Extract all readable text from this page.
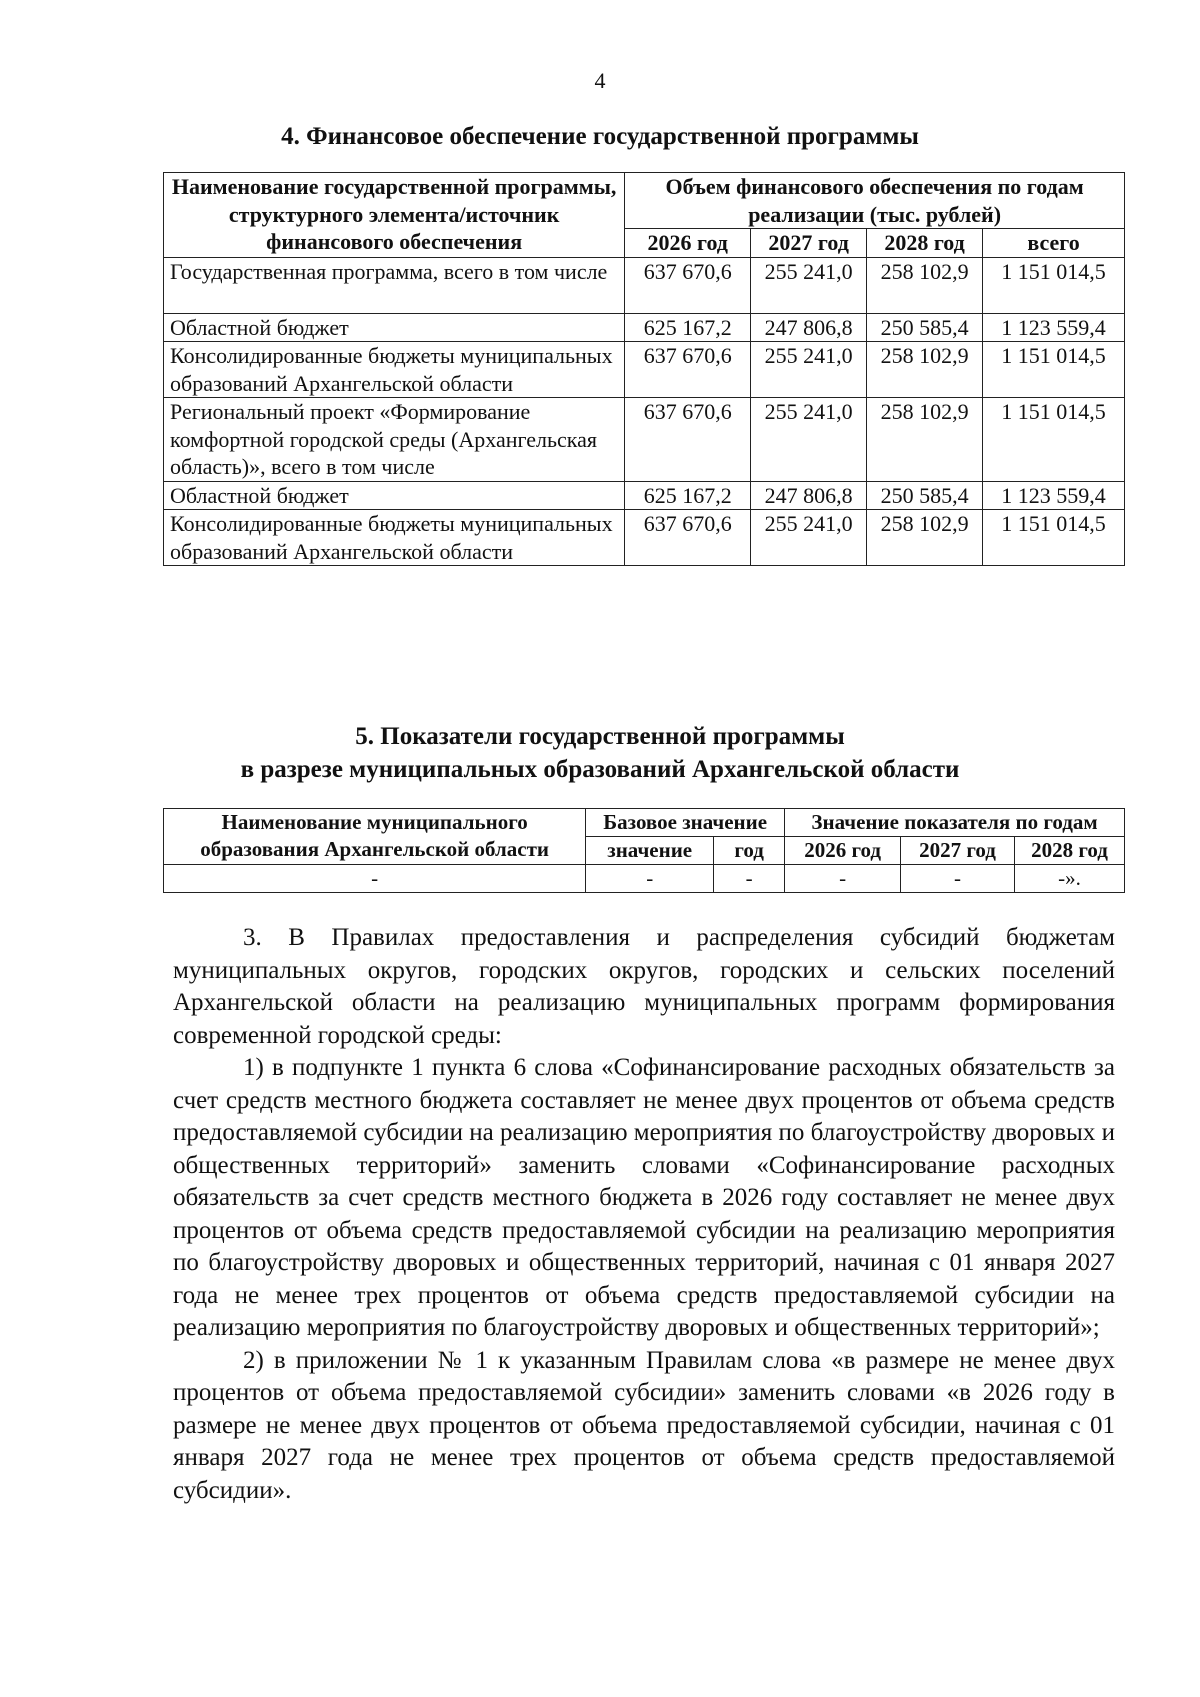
4
4. Финансовое обеспечение государственной программы
Наименование государственной программы, структурного элемента/источник финансового обеспечения	Объем финансового обеспечения по годам реализации (тыс. рублей)			
	2026 год	2027 год	2028 год	всего
Государственная программа, всего в том числе	637 670,6	255 241,0	258 102,9	1 151 014,5
Областной бюджет	625 167,2	247 806,8	250 585,4	1 123 559,4
Консолидированные бюджеты муниципальных образований Архангельской области	637 670,6	255 241,0	258 102,9	1 151 014,5
Региональный проект «Формирование комфортной городской среды (Архангельская область)», всего в том числе	637 670,6	255 241,0	258 102,9	1 151 014,5
Областной бюджет	625 167,2	247 806,8	250 585,4	1 123 559,4
Консолидированные бюджеты муниципальных образований Архангельской области	637 670,6	255 241,0	258 102,9	1 151 014,5
5. Показатели государственной программы
в разрезе муниципальных образований Архангельской области
Наименование муниципального образования Архангельской области	Базовое значение		Значение показателя по годам		
	значение	год	2026 год	2027 год	2028 год
-	-	-	-	-	-».

3. В Правилах предоставления и распределения субсидий бюджетам муниципальных округов, городских округов, городских и сельских поселений Архангельской области на реализацию муниципальных программ формирования современной городской среды:

1) в подпункте 1 пункта 6 слова «Софинансирование расходных обязательств за счет средств местного бюджета составляет не менее двух процентов от объема средств предоставляемой субсидии на реализацию мероприятия по благоустройству дворовых и общественных территорий» заменить словами «Софинансирование расходных обязательств за счет средств местного бюджета в 2026 году составляет не менее двух процентов от объема средств предоставляемой субсидии на реализацию мероприятия по благоустройству дворовых и общественных территорий, начиная с 01 января 2027 года не менее трех процентов от объема средств предоставляемой субсидии на реализацию мероприятия по благоустройству дворовых и общественных территорий»;

2) в приложении № 1 к указанным Правилам слова «в размере не менее двух процентов от объема предоставляемой субсидии» заменить словами «в 2026 году в размере не менее двух процентов от объема предоставляемой субсидии, начиная с 01 января 2027 года не менее трех процентов от объема средств предоставляемой субсидии».
